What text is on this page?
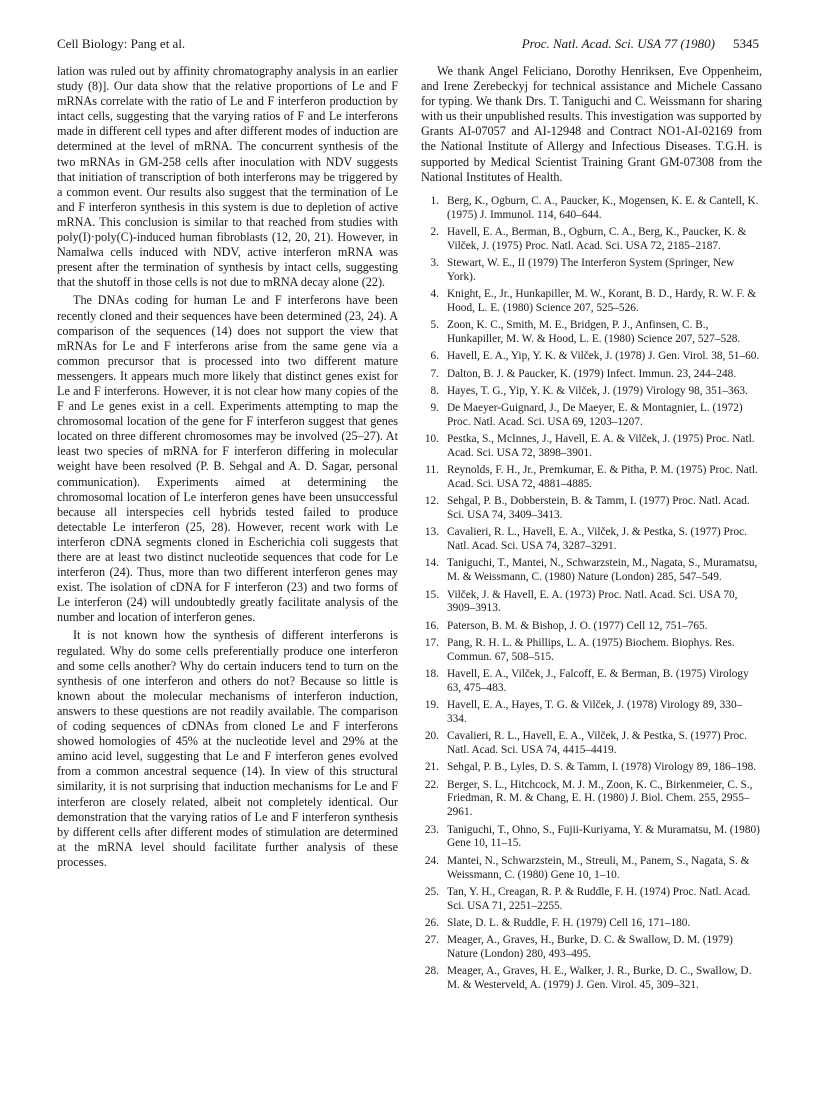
Cell Biology: Pang et al.	Proc. Natl. Acad. Sci. USA 77 (1980) 5345

lation was ruled out by affinity chromatography analysis in an earlier study (8)]. Our data show that the relative proportions of Le and F mRNAs correlate with the ratio of Le and F interferon production by intact cells, suggesting that the varying ratios of F and Le interferons made in different cell types and after different modes of induction are determined at the level of mRNA. The concurrent synthesis of the two mRNAs in GM-258 cells after inoculation with NDV suggests that initiation of transcription of both interferons may be triggered by a common event. Our results also suggest that the termination of Le and F interferon synthesis in this system is due to depletion of active mRNA. This conclusion is similar to that reached from studies with poly(I)·poly(C)-induced human fibroblasts (12, 20, 21). However, in Namalwa cells induced with NDV, active interferon mRNA was present after the termination of synthesis by intact cells, suggesting that the shutoff in those cells is not due to mRNA decay alone (22).

The DNAs coding for human Le and F interferons have been recently cloned and their sequences have been determined (23, 24). A comparison of the sequences (14) does not support the view that mRNAs for Le and F interferons arise from the same gene via a common precursor that is processed into two different mature messengers. It appears much more likely that distinct genes exist for Le and F interferons. However, it is not clear how many copies of the F and Le genes exist in a cell. Experiments attempting to map the chromosomal location of the gene for F interferon suggest that genes located on three different chromosomes may be involved (25–27). At least two species of mRNA for F interferon differing in molecular weight have been resolved (P. B. Sehgal and A. D. Sagar, personal communication). Experiments aimed at determining the chromosomal location of Le interferon genes have been unsuccessful because all interspecies cell hybrids tested failed to produce detectable Le interferon (25, 28). However, recent work with Le interferon cDNA segments cloned in Escherichia coli suggests that there are at least two distinct nucleotide sequences that code for Le interferon (24). Thus, more than two different interferon genes may exist. The isolation of cDNA for F interferon (23) and two forms of Le interferon (24) will undoubtedly greatly facilitate analysis of the number and location of interferon genes.

It is not known how the synthesis of different interferons is regulated. Why do some cells preferentially produce one interferon and some cells another? Why do certain inducers tend to turn on the synthesis of one interferon and others do not? Because so little is known about the molecular mechanisms of interferon induction, answers to these questions are not readily available. The comparison of coding sequences of cDNAs from cloned Le and F interferons showed homologies of 45% at the nucleotide level and 29% at the amino acid level, suggesting that Le and F interferon genes evolved from a common ancestral sequence (14). In view of this structural similarity, it is not surprising that induction mechanisms for Le and F interferon are closely related, albeit not completely identical. Our demonstration that the varying ratios of Le and F interferon synthesis by different cells after different modes of stimulation are determined at the mRNA level should facilitate further analysis of these processes.

We thank Angel Feliciano, Dorothy Henriksen, Eve Oppenheim, and Irene Zerebeckyj for technical assistance and Michele Cassano for typing. We thank Drs. T. Taniguchi and C. Weissmann for sharing with us their unpublished results. This investigation was supported by Grants AI-07057 and AI-12948 and Contract NO1-AI-02169 from the National Institute of Allergy and Infectious Diseases. T.G.H. is supported by Medical Scientist Training Grant GM-07308 from the National Institutes of Health.

1. Berg, K., Ogburn, C. A., Paucker, K., Mogensen, K. E. & Cantell, K. (1975) J. Immunol. 114, 640–644.
2. Havell, E. A., Berman, B., Ogburn, C. A., Berg, K., Paucker, K. & Vilček, J. (1975) Proc. Natl. Acad. Sci. USA 72, 2185–2187.
3. Stewart, W. E., II (1979) The Interferon System (Springer, New York).
4. Knight, E., Jr., Hunkapiller, M. W., Korant, B. D., Hardy, R. W. F. & Hood, L. E. (1980) Science 207, 525–526.
5. Zoon, K. C., Smith, M. E., Bridgen, P. J., Anfinsen, C. B., Hunkapiller, M. W. & Hood, L. E. (1980) Science 207, 527–528.
6. Havell, E. A., Yip, Y. K. & Vilček, J. (1978) J. Gen. Virol. 38, 51–60.
7. Dalton, B. J. & Paucker, K. (1979) Infect. Immun. 23, 244–248.
8. Hayes, T. G., Yip, Y. K. & Vilček, J. (1979) Virology 98, 351–363.
9. De Maeyer-Guignard, J., De Maeyer, E. & Montagnier, L. (1972) Proc. Natl. Acad. Sci. USA 69, 1203–1207.
10. Pestka, S., McInnes, J., Havell, E. A. & Vilček, J. (1975) Proc. Natl. Acad. Sci. USA 72, 3898–3901.
11. Reynolds, F. H., Jr., Premkumar, E. & Pitha, P. M. (1975) Proc. Natl. Acad. Sci. USA 72, 4881–4885.
12. Sehgal, P. B., Dobberstein, B. & Tamm, I. (1977) Proc. Natl. Acad. Sci. USA 74, 3409–3413.
13. Cavalieri, R. L., Havell, E. A., Vilček, J. & Pestka, S. (1977) Proc. Natl. Acad. Sci. USA 74, 3287–3291.
14. Taniguchi, T., Mantei, N., Schwarzstein, M., Nagata, S., Muramatsu, M. & Weissmann, C. (1980) Nature (London) 285, 547–549.
15. Vilček, J. & Havell, E. A. (1973) Proc. Natl. Acad. Sci. USA 70, 3909–3913.
16. Paterson, B. M. & Bishop, J. O. (1977) Cell 12, 751–765.
17. Pang, R. H. L. & Phillips, L. A. (1975) Biochem. Biophys. Res. Commun. 67, 508–515.
18. Havell, E. A., Vilček, J., Falcoff, E. & Berman, B. (1975) Virology 63, 475–483.
19. Havell, E. A., Hayes, T. G. & Vilček, J. (1978) Virology 89, 330–334.
20. Cavalieri, R. L., Havell, E. A., Vilček, J. & Pestka, S. (1977) Proc. Natl. Acad. Sci. USA 74, 4415–4419.
21. Sehgal, P. B., Lyles, D. S. & Tamm, I. (1978) Virology 89, 186–198.
22. Berger, S. L., Hitchcock, M. J. M., Zoon, K. C., Birkenmeier, C. S., Friedman, R. M. & Chang, E. H. (1980) J. Biol. Chem. 255, 2955–2961.
23. Taniguchi, T., Ohno, S., Fujii-Kuriyama, Y. & Muramatsu, M. (1980) Gene 10, 11–15.
24. Mantei, N., Schwarzstein, M., Streuli, M., Panem, S., Nagata, S. & Weissmann, C. (1980) Gene 10, 1–10.
25. Tan, Y. H., Creagan, R. P. & Ruddle, F. H. (1974) Proc. Natl. Acad. Sci. USA 71, 2251–2255.
26. Slate, D. L. & Ruddle, F. H. (1979) Cell 16, 171–180.
27. Meager, A., Graves, H., Burke, D. C. & Swallow, D. M. (1979) Nature (London) 280, 493–495.
28. Meager, A., Graves, H. E., Walker, J. R., Burke, D. C., Swallow, D. M. & Westerveld, A. (1979) J. Gen. Virol. 45, 309–321.
